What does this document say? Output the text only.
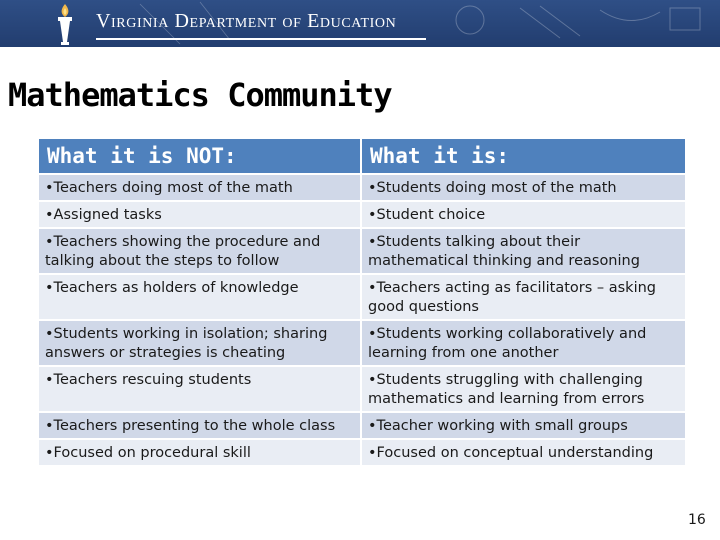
Virginia Department of Education
Mathematics Community
What it is NOT:	What it is:
•Teachers doing most of the math	•Students doing most of the math
•Assigned tasks	•Student choice
•Teachers showing the procedure and talking about the steps to follow	•Students talking about their mathematical thinking and reasoning
•Teachers as holders of knowledge	•Teachers acting as facilitators – asking good questions
•Students working in isolation; sharing answers or strategies is cheating	•Students working collaboratively and learning from one another
•Teachers rescuing students	•Students struggling with challenging mathematics and learning from errors
•Teachers presenting to the whole class	•Teacher working with small groups
•Focused on procedural skill	•Focused on conceptual understanding
16
